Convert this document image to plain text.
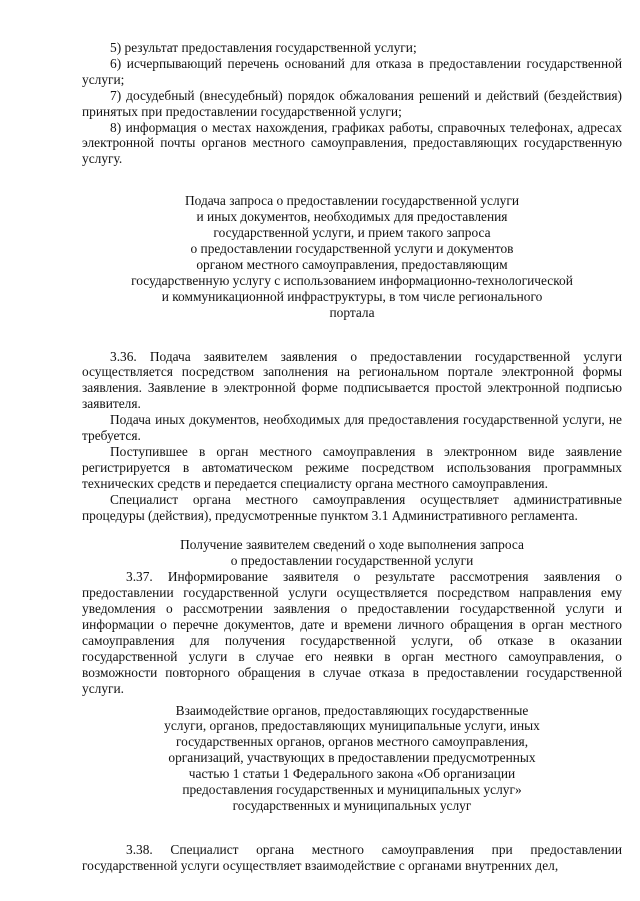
5) результат предоставления государственной услуги;

6) исчерпывающий перечень оснований для отказа в предоставлении государственной услуги;

7) досудебный (внесудебный) порядок обжалования решений и действий (бездействия) принятых при предоставлении государственной услуги;

8) информация о местах нахождения, графиках работы, справочных телефонах, адресах электронной почты органов местного самоуправления, предоставляющих государственную услугу.

Подача запроса о предоставлении государственной услуги

и иных документов, необходимых для предоставления

государственной услуги, и прием такого запроса

о предоставлении государственной услуги и документов

органом местного самоуправления, предоставляющим

государственную услугу с использованием информационно-технологической

и коммуникационной инфраструктуры, в том числе регионального

портала

3.36. Подача заявителем заявления о предоставлении государственной услуги осуществляется посредством заполнения на региональном портале электронной формы заявления. Заявление в электронной форме подписывается простой электронной подписью заявителя.

Подача иных документов, необходимых для предоставления государственной услуги, не требуется.

Поступившее в орган местного самоуправления в электронном виде заявление регистрируется в автоматическом режиме посредством использования программных технических средств и передается специалисту органа местного самоуправления.

Специалист органа местного самоуправления осуществляет административные процедуры (действия), предусмотренные пунктом 3.1 Административного регламента.

Получение заявителем сведений о ходе выполнения запроса

о предоставлении государственной услуги

3.37. Информирование заявителя о результате рассмотрения заявления о предоставлении государственной услуги осуществляется посредством направления ему уведомления о рассмотрении заявления о предоставлении государственной услуги и информации о перечне документов, дате и времени личного обращения в орган местного самоуправления для получения государственной услуги, об отказе в оказании государственной услуги в случае его неявки в орган местного самоуправления, о возможности повторного обращения в случае отказа в предоставлении государственной услуги.

Взаимодействие органов, предоставляющих государственные

услуги, органов, предоставляющих муниципальные услуги, иных

государственных органов, органов местного самоуправления,

организаций, участвующих в предоставлении предусмотренных

частью 1 статьи 1 Федерального закона «Об организации

предоставления государственных и муниципальных услуг»

государственных и муниципальных услуг

3.38. Специалист органа местного самоуправления при предоставлении государственной услуги осуществляет взаимодействие с органами внутренних дел,
